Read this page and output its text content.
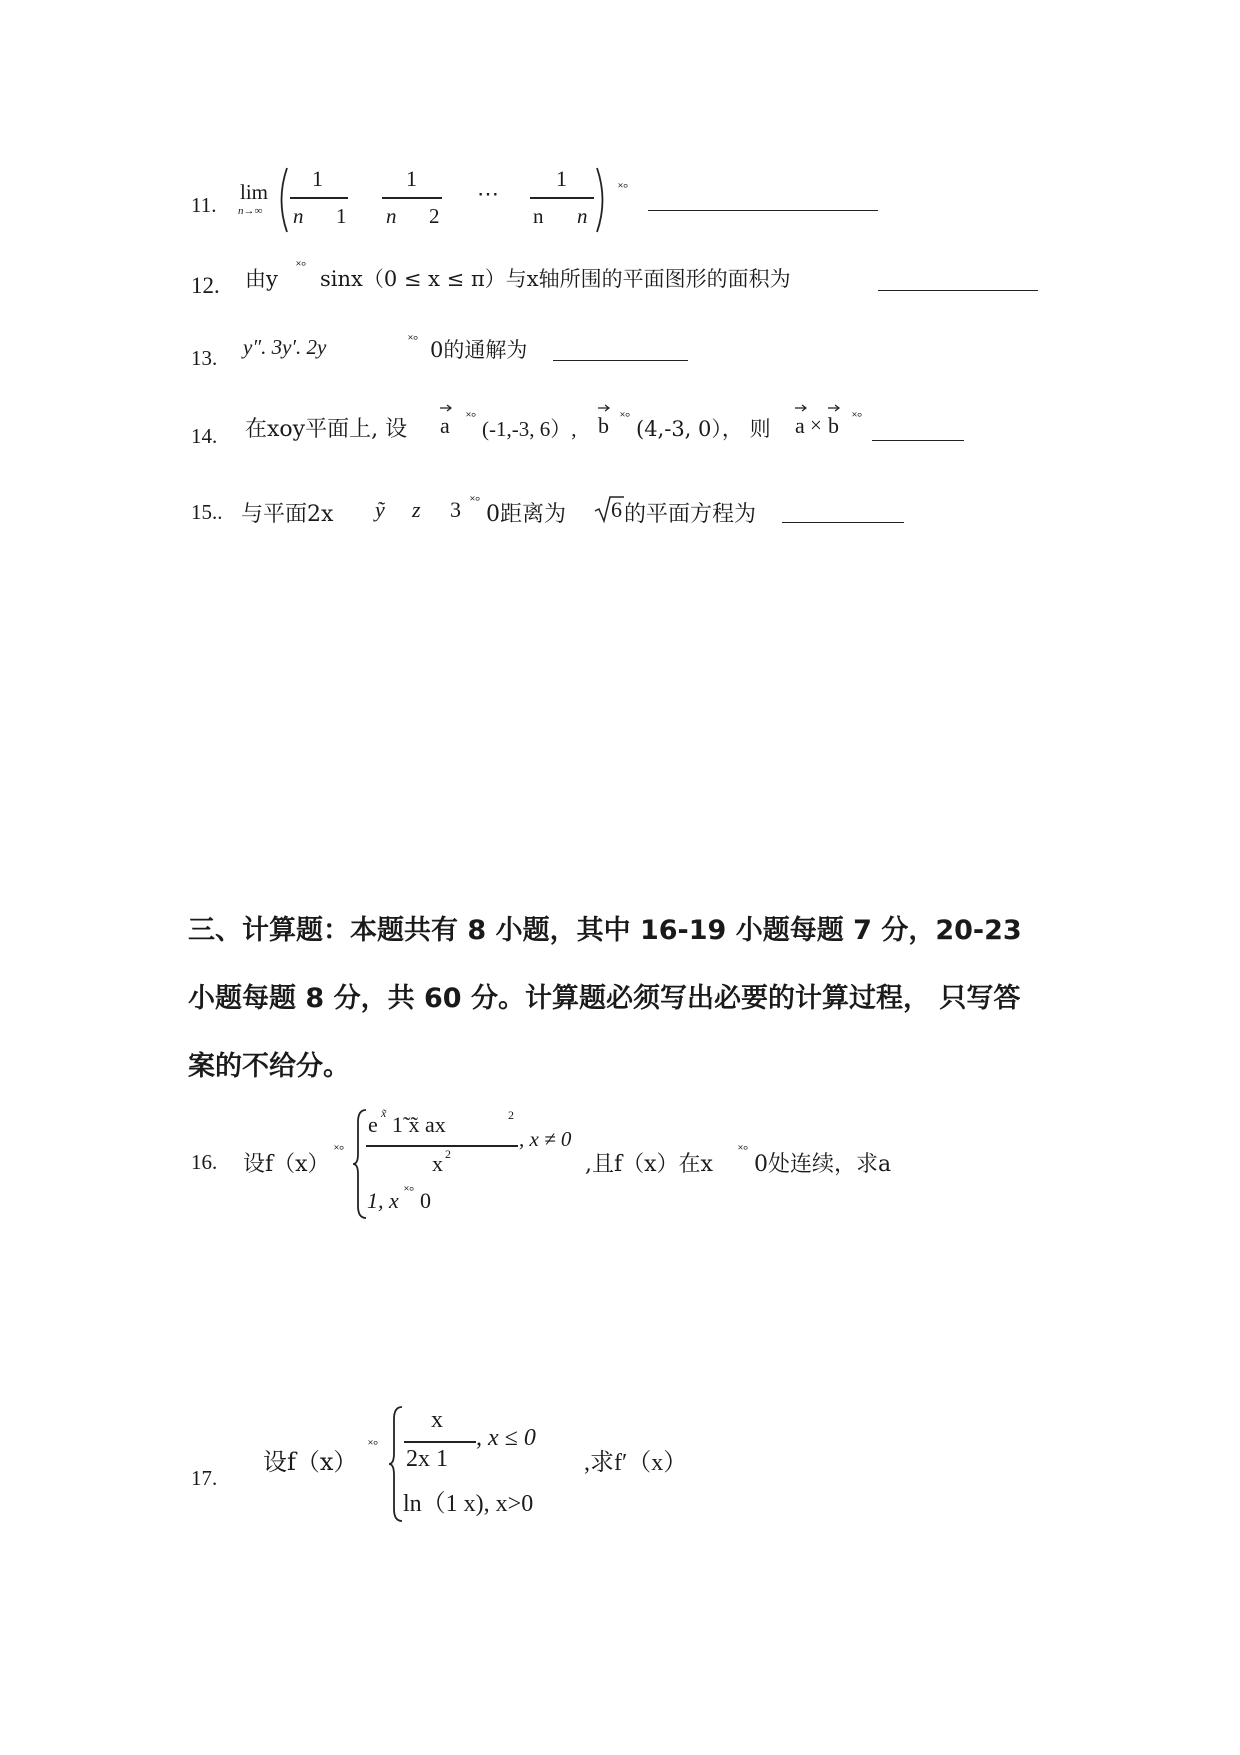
11.
lim
n→∞
1
n 1
1
n 2
⋯
1
n n
˟°
12. 由y
˟°
sinx（0 ≤ x ≤ π）与x轴所围的平面图形的面积为
13. y″. 3y′. 2y	˟° 0的通解为
14. 在xoy平面上, 设 a ˟°
(-1,-3, 6）, b ˟°
(4,-3, 0）， 则 a × b ˟°
15.. 与平面2x ỹ z 3 ˟°
0距离为 6 的平面方程为
三、计算题：本题共有 8 小题，其中 16-19 小题每题 7 分，20-23
小题每题 8 分，共 60 分。计算题必须写出必要的计算过程， 只写答
案的不给分。
16. 设f（x）
˟°
e x̃ 1̃ x̃ ax	2
x 2
, x ≠ 0
1, x ˟° 0
,且f（x）在x
˟°
0处连续，求a
17.
设f（x）
˟°
x
2x 1
, x ≤ 0
ln（1 x), x>0
,求f′（x）
